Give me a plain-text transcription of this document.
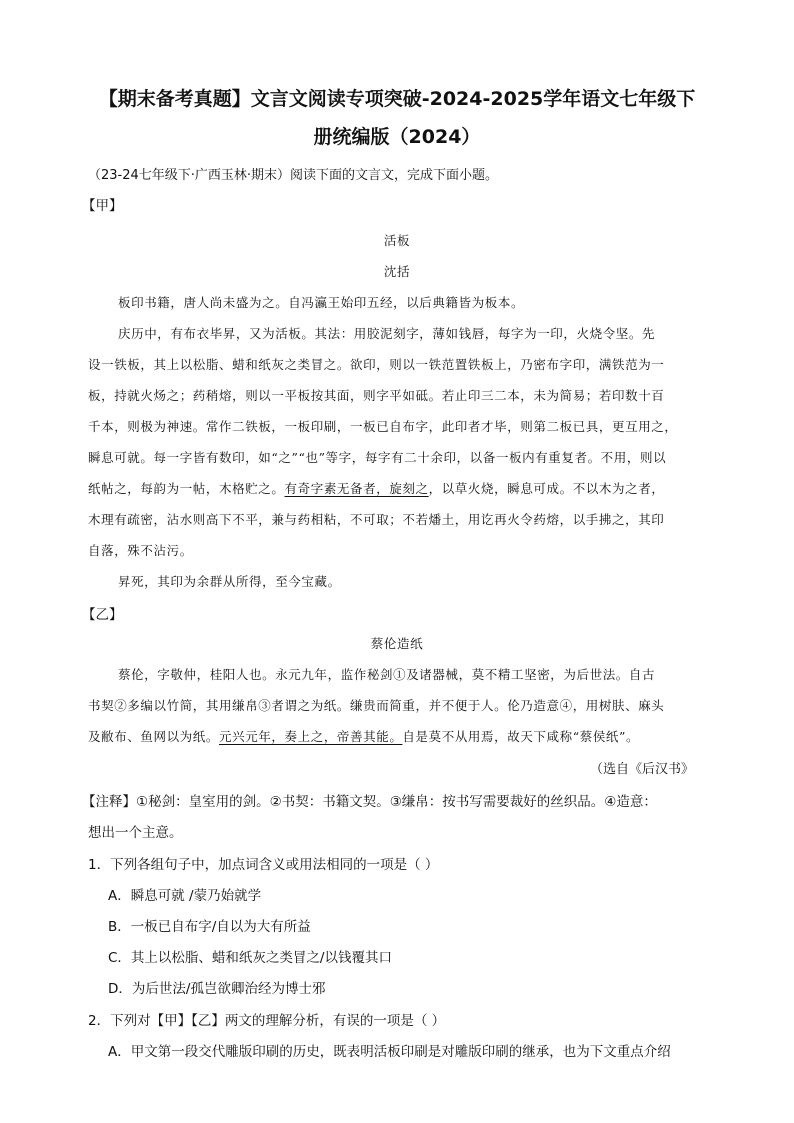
【期末备考真题】文言文阅读专项突破-2024-2025学年语文七年级下
册统编版（2024）
（23-24七年级下·广西玉林·期末）阅读下面的文言文，完成下面小题。
【甲】
活板
沈括
板印书籍，唐人尚未盛为之。自冯瀛王始印五经，以后典籍皆为板本。
庆历中，有布衣毕昇，又为活板。其法：用胶泥刻字，薄如钱唇，每字为一印，火烧令坚。先
设一铁板，其上以松脂、蜡和纸灰之类冒之。欲印，则以一铁范置铁板上，乃密布字印，满铁范为一
板，持就火炀之；药稍熔，则以一平板按其面，则字平如砥。若止印三二本，未为简易；若印数十百
千本，则极为神速。常作二铁板，一板印刷，一板已自布字，此印者才毕，则第二板已具，更互用之，
瞬息可就。每一字皆有数印，如“之”“也”等字，每字有二十余印，以备一板内有重复者。不用，则以
纸帖之，每韵为一帖，木格贮之。有奇字素无备者，旋刻之，以草火烧，瞬息可成。不以木为之者，
木理有疏密，沾水则高下不平，兼与药相粘，不可取；不若燔土，用讫再火令药熔，以手拂之，其印
自落，殊不沾污。
昇死，其印为余群从所得，至今宝藏。
【乙】
蔡伦造纸
蔡伦，字敬仲，桂阳人也。永元九年，监作秘剑①及诸器械，莫不精工坚密，为后世法。自古
书契②多编以竹简，其用缣帛③者谓之为纸。缣贵而简重，并不便于人。伦乃造意④，用树肤、麻头
及敝布、鱼网以为纸。元兴元年，奏上之，帝善其能。自是莫不从用焉，故天下咸称“蔡侯纸”。
（选自《后汉书》
【注释】①秘剑：皇室用的剑。②书契：书籍文契。③缣帛：按书写需要裁好的丝织品。④造意：
想出一个主意。
1．下列各组句子中，加点词含义或用法相同的一项是（ ）
A．瞬息可就 /蒙乃始就学
B．一板已自布字/自以为大有所益
C．其上以松脂、蜡和纸灰之类冒之/以钱覆其口
D．为后世法/孤岂欲卿治经为博士邪
2．下列对【甲】【乙】两文的理解分析，有误的一项是（ ）
A．甲文第一段交代雕版印刷的历史，既表明活板印刷是对雕版印刷的继承，也为下文重点介绍
